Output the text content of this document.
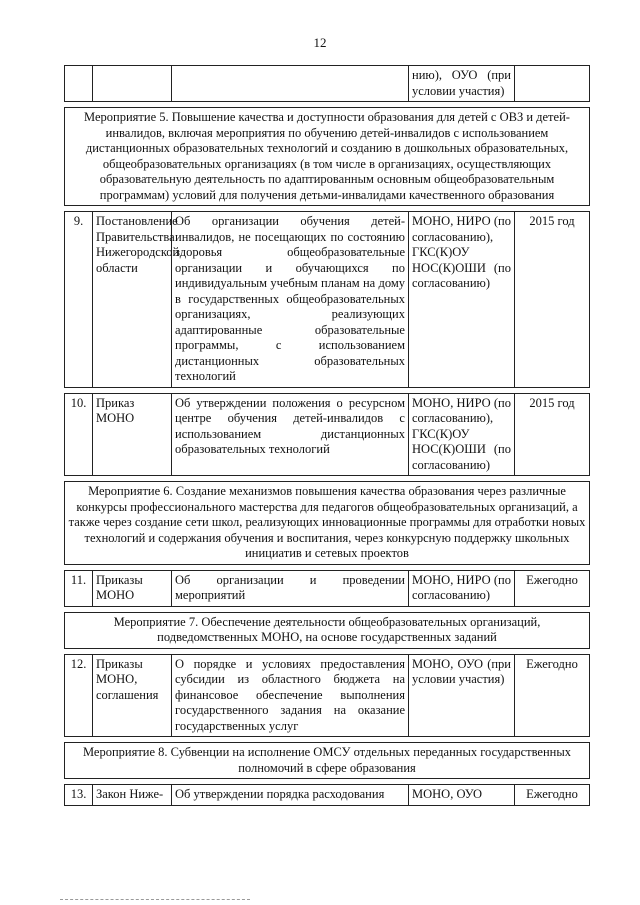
12
			нию), ОУО (при условии участия)	

Мероприятие 5. Повышение качества и доступности образования для детей с ОВЗ и детей-инвалидов, включая мероприятия по обучению детей-инвалидов с использованием дистанционных образовательных технологий и созданию в дошкольных образовательных, общеобразовательных организациях (в том числе в организациях, осуществляющих образовательную деятельность по адаптированным основным общеобразовательным программам) условий для получения детьми-инвалидами качественного образования				

9.	Постановление Правительства Нижегородской области	Об организации обучения детей-инвалидов, не посещающих по состоянию здоровья общеобразовательные организации и обучающихся по индивидуальным учебным планам на дому в государственных общеобразовательных организациях, реализующих адаптированные образовательные программы, с использованием дистанционных образовательных технологий	МОНО, НИРО (по согласованию), ГКС(К)ОУ НОС(К)ОШИ (по согласованию)	2015 год

10.	Приказ МОНО	Об утверждении положения о ресурсном центре обучения детей-инвалидов с использованием дистанционных образовательных технологий	МОНО, НИРО (по согласованию), ГКС(К)ОУ НОС(К)ОШИ (по согласованию)	2015 год

Мероприятие 6. Создание механизмов повышения качества образования через различные конкурсы профессионального мастерства для педагогов общеобразовательных организаций, а также через создание сети школ, реализующих инновационные программы для отработки новых технологий и содержания обучения и воспитания, через конкурсную поддержку школьных инициатив и сетевых проектов				

11.	Приказы МОНО	Об организации и проведении мероприятий	МОНО, НИРО (по согласованию)	Ежегодно

Мероприятие 7. Обеспечение деятельности общеобразовательных организаций, подведомственных МОНО, на основе государственных заданий				

12.	Приказы МОНО, соглашения	О порядке и условиях предоставления субсидии из областного бюджета на финансовое обеспечение выполнения государственного задания на оказание государственных услуг	МОНО, ОУО (при условии участия)	Ежегодно

Мероприятие 8. Субвенции на исполнение ОМСУ отдельных переданных государственных полномочий в сфере образования				

13.	Закон Ниже-	Об утверждении порядка расходования	МОНО, ОУО	Ежегодно
